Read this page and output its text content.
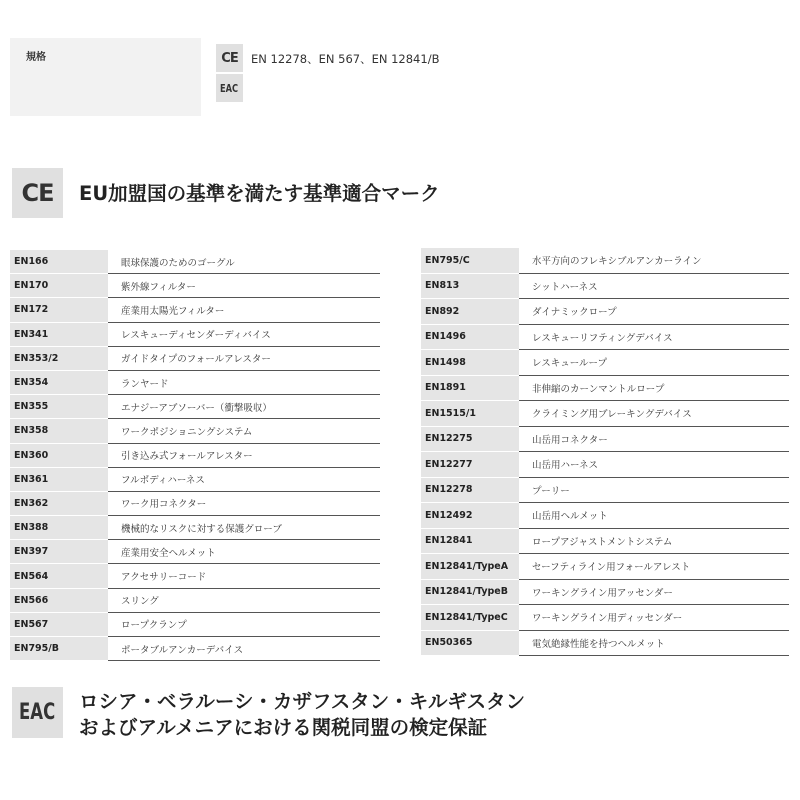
規格	CE
EAC
EN 12278、EN 567、EN 12841/B
CE EU加盟国の基準を満たす基準適合マーク
EN166	眼球保護のためのゴーグル
EN170	紫外線フィルター
EN172	産業用太陽光フィルター
EN341	レスキューディセンダーディバイス
EN353/2	ガイドタイプのフォールアレスター
EN354	ランヤード
EN355	エナジーアブソーバー（衝撃吸収）
EN358	ワークポジショニングシステム
EN360	引き込み式フォールアレスター
EN361	フルボディハーネス
EN362	ワーク用コネクター
EN388	機械的なリスクに対する保護グローブ
EN397	産業用安全ヘルメット
EN564	アクセサリーコード
EN566	スリング
EN567	ロープクランプ
EN795/B	ポータブルアンカーデバイス
EN795/C	水平方向のフレキシブルアンカーライン
EN813	シットハーネス
EN892	ダイナミックロープ
EN1496	レスキューリフティングデバイス
EN1498	レスキューループ
EN1891	非伸縮のカーンマントルロープ
EN1515/1	クライミング用ブレーキングデバイス
EN12275	山岳用コネクター
EN12277	山岳用ハーネス
EN12278	プーリー
EN12492	山岳用ヘルメット
EN12841	ロープアジャストメントシステム
EN12841/TypeA	セーフティライン用フォールアレスト
EN12841/TypeB	ワーキングライン用アッセンダー
EN12841/TypeC	ワーキングライン用ディッセンダー
EN50365	電気絶縁性能を持つヘルメット
EAC ロシア・ベラルーシ・カザフスタン・キルギスタン
およびアルメニアにおける関税同盟の検定保証
